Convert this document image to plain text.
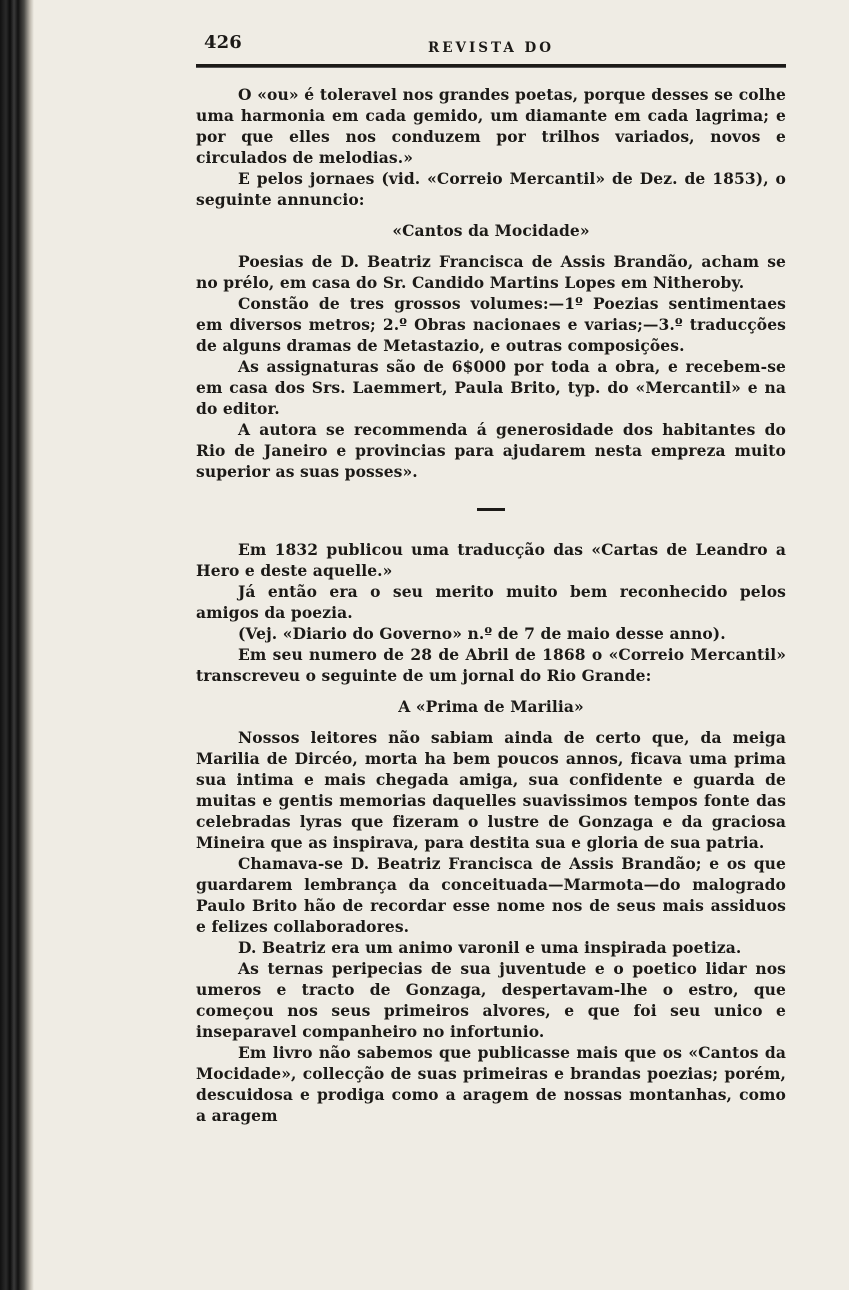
426	REVISTA DO

O «ou» é toleravel nos grandes poetas, porque desses se colhe uma harmonia em cada gemido, um diamante em cada lagrima; e por que elles nos conduzem por trilhos variados, novos e circulados de melodias.»

E pelos jornaes (vid. «Correio Mercantil» de Dez. de 1853), o seguinte annuncio:

«Cantos da Mocidade»

Poesias de D. Beatriz Francisca de Assis Brandão, acham se no prélo, em casa do Sr. Candido Martins Lopes em Nitheroby.

Constão de tres grossos volumes:—1º Poezias sentimentaes em diversos metros; 2.º Obras nacionaes e varias;—3.º traducções de alguns dramas de Metastazio, e outras composições.

As assignaturas são de 6$000 por toda a obra, e recebem-se em casa dos Srs. Laemmert, Paula Brito, typ. do «Mercantil» e na do editor.

A autora se recommenda á generosidade dos habitantes do Rio de Janeiro e provincias para ajudarem nesta empreza muito superior as suas posses».

Em 1832 publicou uma traducção das «Cartas de Leandro a Hero e deste aquelle.»

Já então era o seu merito muito bem reconhecido pelos amigos da poezia.

(Vej. «Diario do Governo» n.º de 7 de maio desse anno).

Em seu numero de 28 de Abril de 1868 o «Correio Mercantil» transcreveu o seguinte de um jornal do Rio Grande:

A «Prima de Marilia»

Nossos leitores não sabiam ainda de certo que, da meiga Marilia de Dircéo, morta ha bem poucos annos, ficava uma prima sua intima e mais chegada amiga, sua confidente e guarda de muitas e gentis memorias daquelles suavissimos tempos fonte das celebradas lyras que fizeram o lustre de Gonzaga e da graciosa Mineira que as inspirava, para destita sua e gloria de sua patria.

Chamava-se D. Beatriz Francisca de Assis Brandão; e os que guardarem lembrança da conceituada—Marmota—do malogrado Paulo Brito hão de recordar esse nome nos de seus mais assiduos e felizes collaboradores.

D. Beatriz era um animo varonil e uma inspirada poetiza.

As ternas peripecias de sua juventude e o poetico lidar nos umeros e tracto de Gonzaga, despertavam-lhe o estro, que começou nos seus primeiros alvores, e que foi seu unico e inseparavel companheiro no infortunio.

Em livro não sabemos que publicasse mais que os «Cantos da Mocidade», collecção de suas primeiras e brandas poezias; porém, descuidosa e prodiga como a aragem de nossas montanhas, como a aragem
